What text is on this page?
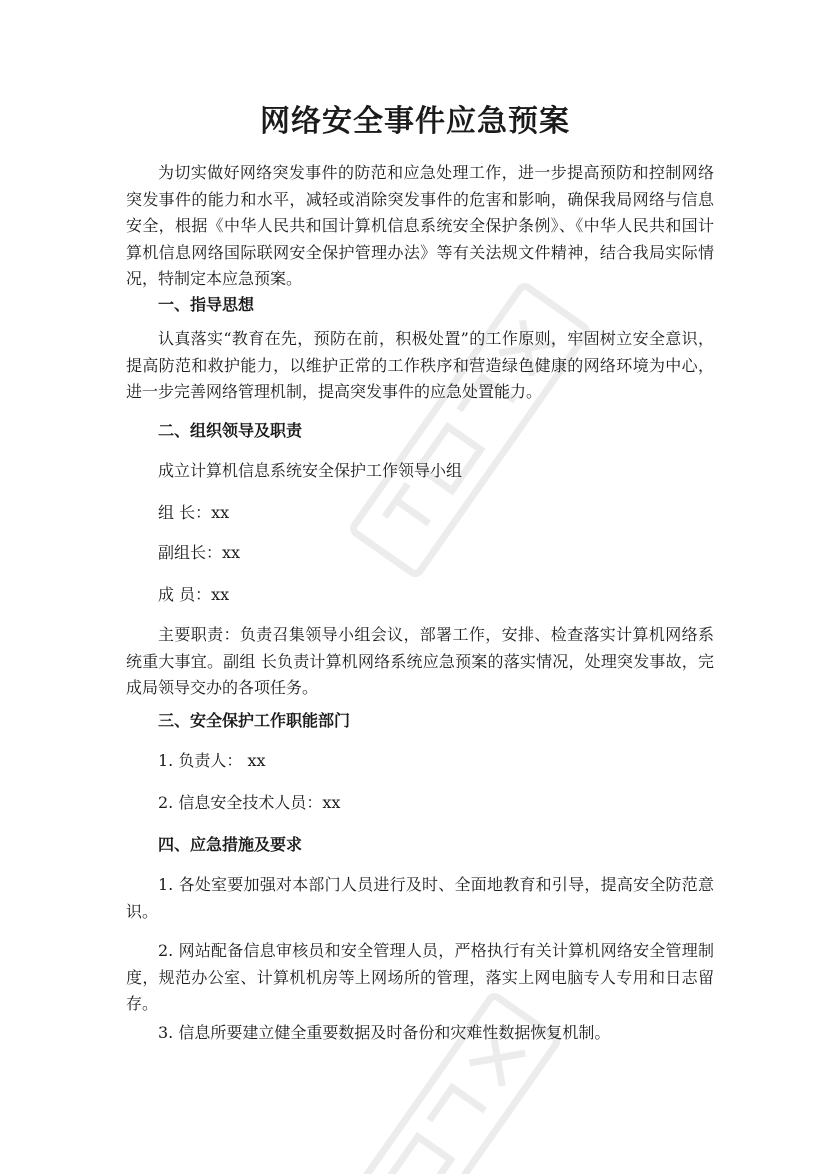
网络安全事件应急预案

为切实做好网络突发事件的防范和应急处理工作，进一步提高预防和控制网络突发事件的能力和水平，减轻或消除突发事件的危害和影响，确保我局网络与信息安全，根据《中华人民共和国计算机信息系统安全保护条例》、《中华人民共和国计算机信息网络国际联网安全保护管理办法》等有关法规文件精神，结合我局实际情况，特制定本应急预案。

一、指导思想

认真落实“教育在先，预防在前，积极处置”的工作原则，牢固树立安全意识，提高防范和救护能力，以维护正常的工作秩序和营造绿色健康的网络环境为中心，进一步完善网络管理机制，提高突发事件的应急处置能力。

二、组织领导及职责

成立计算机信息系统安全保护工作领导小组
组 长：xx
副组长：xx
成 员：xx

主要职责：负责召集领导小组会议，部署工作，安排、检查落实计算机网络系统重大事宜。副组 长负责计算机网络系统应急预案的落实情况，处理突发事故，完成局领导交办的各项任务。

三、安全保护工作职能部门

1. 负责人： xx
2. 信息安全技术人员：xx

四、应急措施及要求

1. 各处室要加强对本部门人员进行及时、全面地教育和引导，提高安全防范意识。

2. 网站配备信息审核员和安全管理人员，严格执行有关计算机网络安全管理制度，规范办公室、计算机机房等上网场所的管理，落实上网电脑专人专用和日志留存。

3. 信息所要建立健全重要数据及时备份和灾难性数据恢复机制。
